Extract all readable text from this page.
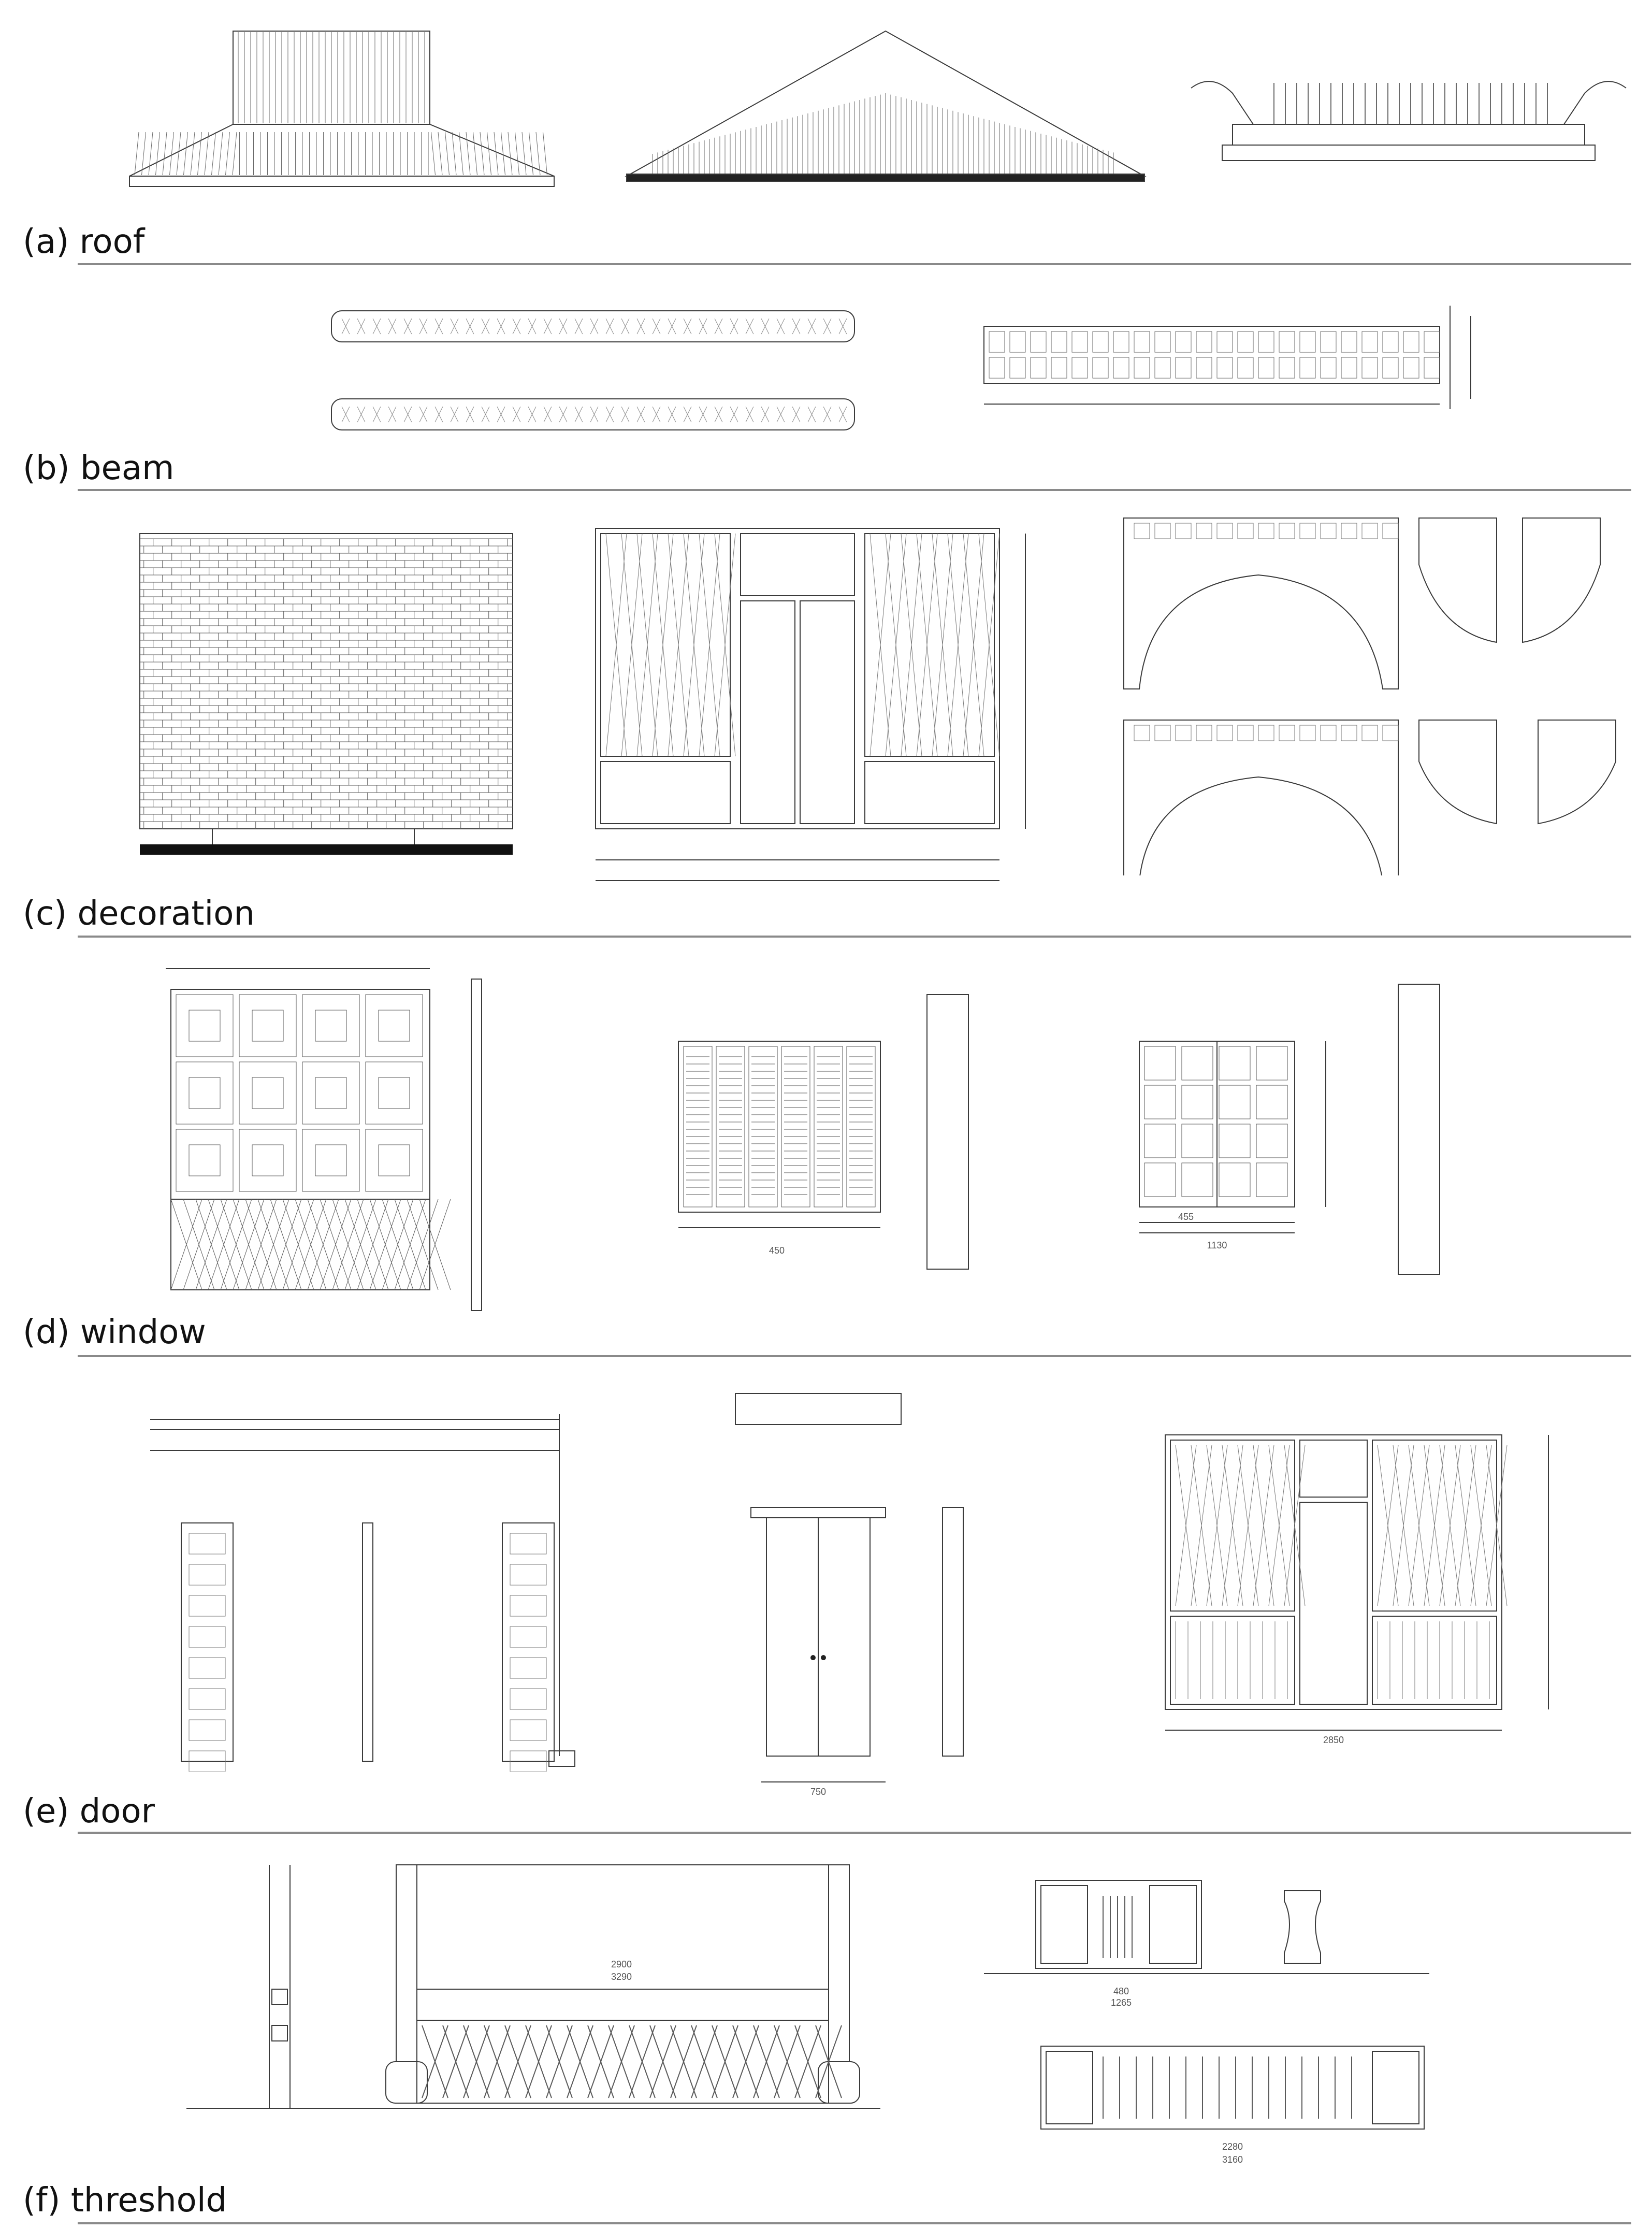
(a) roof
(b) beam
(c) decoration
450
455
1130
(d) window
750
2850
(e) door
2900
3290
480
1265
2280
3160
(f) threshold
